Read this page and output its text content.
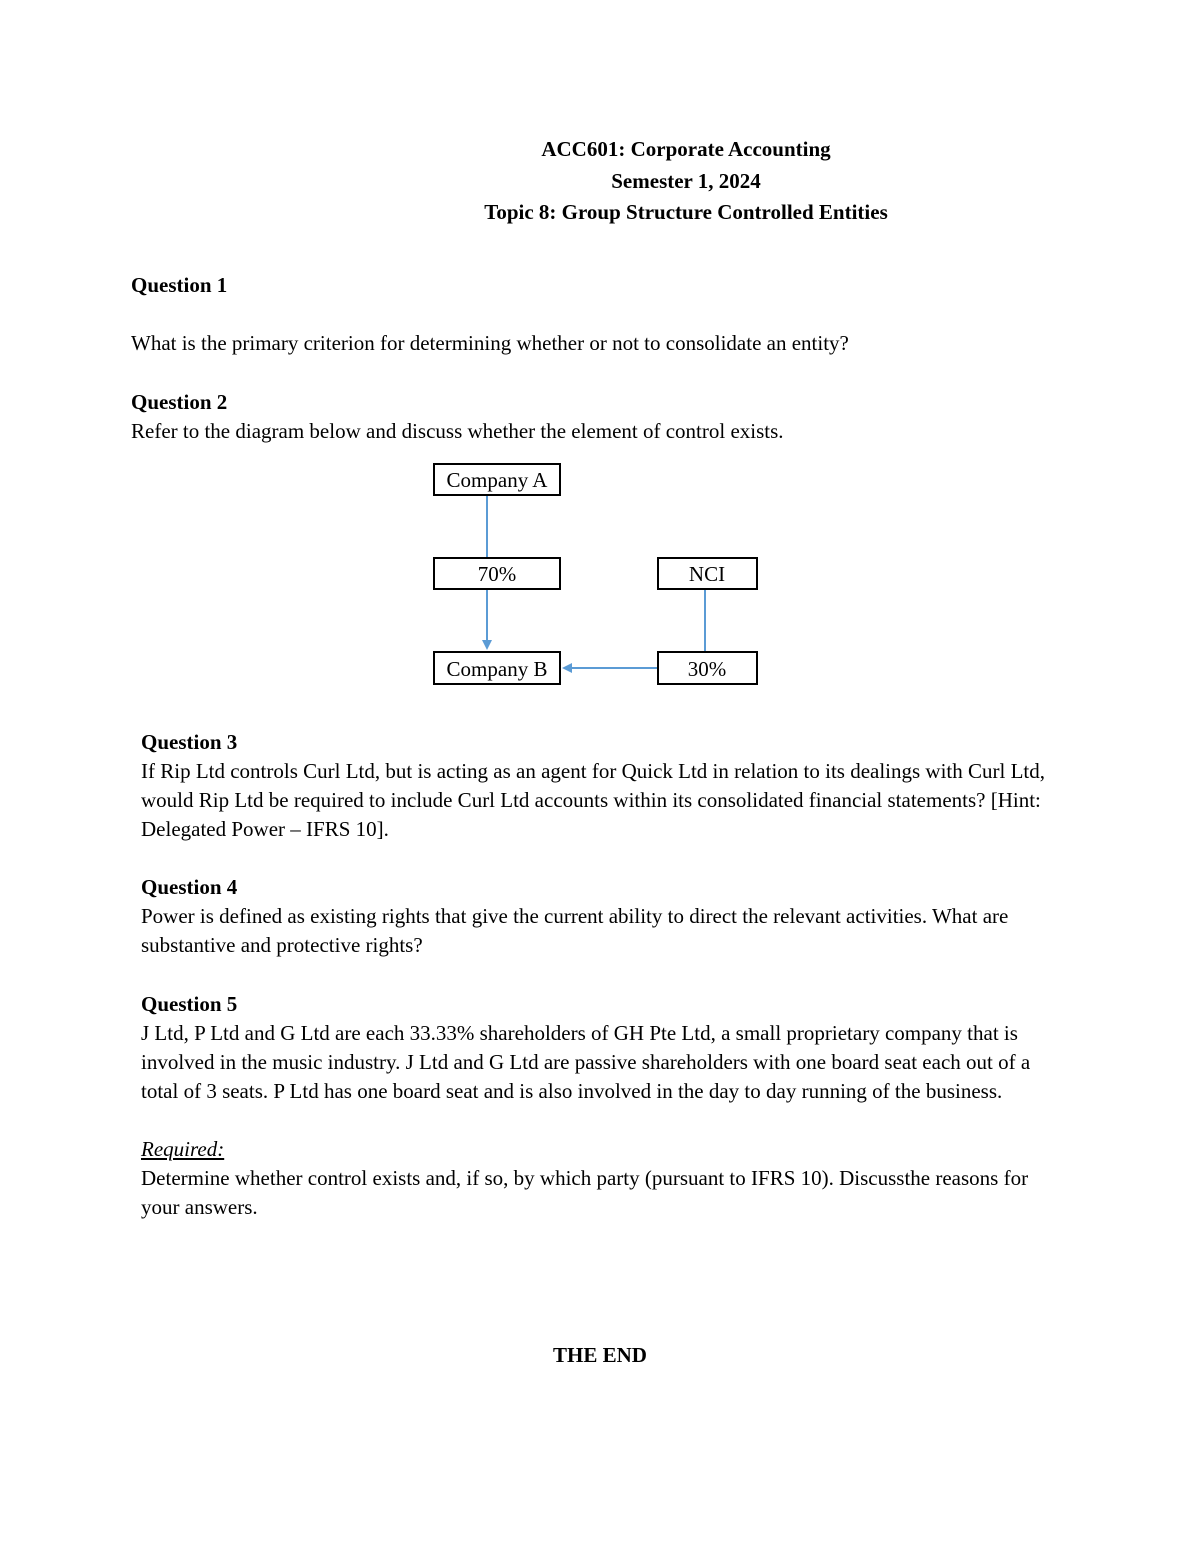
ACC601: Corporate Accounting
Semester 1, 2024
Topic 8: Group Structure Controlled Entities
Question 1
What is the primary criterion for determining whether or not to consolidate an entity?
Question 2
Refer to the diagram below and discuss whether the element of control exists.
Company A
70%	NCI
Company B	30%
Question 3
If Rip Ltd controls Curl Ltd, but is acting as an agent for Quick Ltd in relation to its dealings with Curl Ltd, would Rip Ltd be required to include Curl Ltd accounts within its consolidated financial statements? [Hint: Delegated Power – IFRS 10].
Question 4
Power is defined as existing rights that give the current ability to direct the relevant activities. What are substantive and protective rights?
Question 5
J Ltd, P Ltd and G Ltd are each 33.33% shareholders of GH Pte Ltd, a small proprietary company that is involved in the music industry. J Ltd and G Ltd are passive shareholders with one board seat each out of a total of 3 seats. P Ltd has one board seat and is also involved in the day to day running of the business.
Required:
Determine whether control exists and, if so, by which party (pursuant to IFRS 10). Discussthe reasons for your answers.
THE END
